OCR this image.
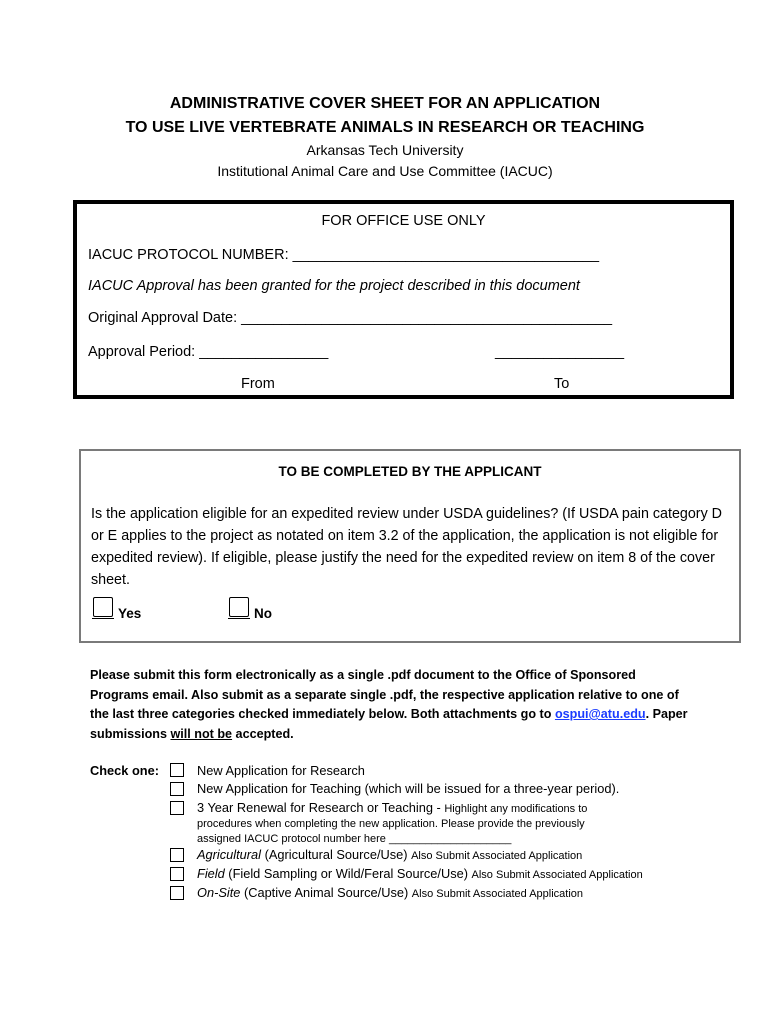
ADMINISTRATIVE COVER SHEET FOR AN APPLICATION
TO USE LIVE VERTEBRATE ANIMALS IN RESEARCH OR TEACHING
Arkansas Tech University
Institutional Animal Care and Use Committee (IACUC)
FOR OFFICE USE ONLY
IACUC PROTOCOL NUMBER: ______________________________________
IACUC Approval has been granted for the project described in this document
Original Approval Date: ______________________________________________
Approval Period: ________________	________________
From	To
TO BE COMPLETED BY THE APPLICANT
Is the application eligible for an expedited review under USDA guidelines? (If USDA pain category D or E applies to the project as notated on item 3.2 of the application, the application is not eligible for expedited review). If eligible, please justify the need for the expedited review on item 8 of the cover sheet.
Yes	No
Please submit this form electronically as a single .pdf document to the Office of Sponsored Programs email. Also submit as a separate single .pdf, the respective application relative to one of the last three categories checked immediately below. Both attachments go to ospui@atu.edu. Paper submissions will not be accepted.
Check one:	New Application for Research
New Application for Teaching (which will be issued for a three-year period).
3 Year Renewal for Research or Teaching - Highlight any modifications to
procedures when completing the new application. Please provide the previously
assigned IACUC protocol number here ____________________
Agricultural (Agricultural Source/Use) Also Submit Associated Application
Field (Field Sampling or Wild/Feral Source/Use) Also Submit Associated Application
On-Site (Captive Animal Source/Use) Also Submit Associated Application
